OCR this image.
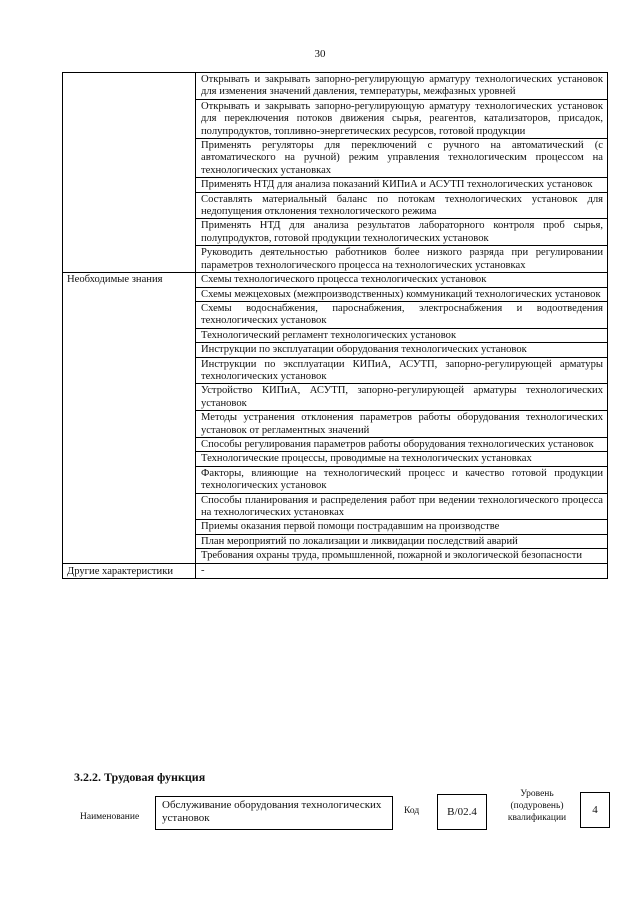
30
	Открывать и закрывать запорно-регулирующую арматуру технологических установок для изменения значений давления, температуры, межфазных уровней
	Открывать и закрывать запорно-регулирующую арматуру технологических установок для переключения потоков движения сырья, реагентов, катализаторов, присадок, полупродуктов, топливно-энергетических ресурсов, готовой продукции
	Применять регуляторы для переключений с ручного на автоматический (с автоматического на ручной) режим управления технологическим процессом на технологических установках
	Применять НТД для анализа показаний КИПиА и АСУТП технологических установок
	Составлять материальный баланс по потокам технологических установок для недопущения отклонения технологического режима
	Применять НТД для анализа результатов лабораторного контроля проб сырья, полупродуктов, готовой продукции технологических установок
	Руководить деятельностью работников более низкого разряда при регулировании параметров технологического процесса на технологических установках
Необходимые знания	Схемы технологического процесса технологических установок
	Схемы межцеховых (межпроизводственных) коммуникаций технологических установок
	Схемы водоснабжения, пароснабжения, электроснабжения и водоотведения технологических установок
	Технологический регламент технологических установок
	Инструкции по эксплуатации оборудования технологических установок
	Инструкции по эксплуатации КИПиА, АСУТП, запорно-регулирующей арматуры технологических установок
	Устройство КИПиА, АСУТП, запорно-регулирующей арматуры технологических установок
	Методы устранения отклонения параметров работы оборудования технологических установок от регламентных значений
	Способы регулирования параметров работы оборудования технологических установок
	Технологические процессы, проводимые на технологических установках
	Факторы, влияющие на технологический процесс и качество готовой продукции технологических установок
	Способы планирования и распределения работ при ведении технологического процесса на технологических установках
	Приемы оказания первой помощи пострадавшим на производстве
	План мероприятий по локализации и ликвидации последствий аварий
	Требования охраны труда, промышленной, пожарной и экологической безопасности
Другие характеристики	-
3.2.2. Трудовая функция
Наименование
Обслуживание оборудования технологических установок
Код	B/02.4
Уровень (подуровень) квалификации
4
